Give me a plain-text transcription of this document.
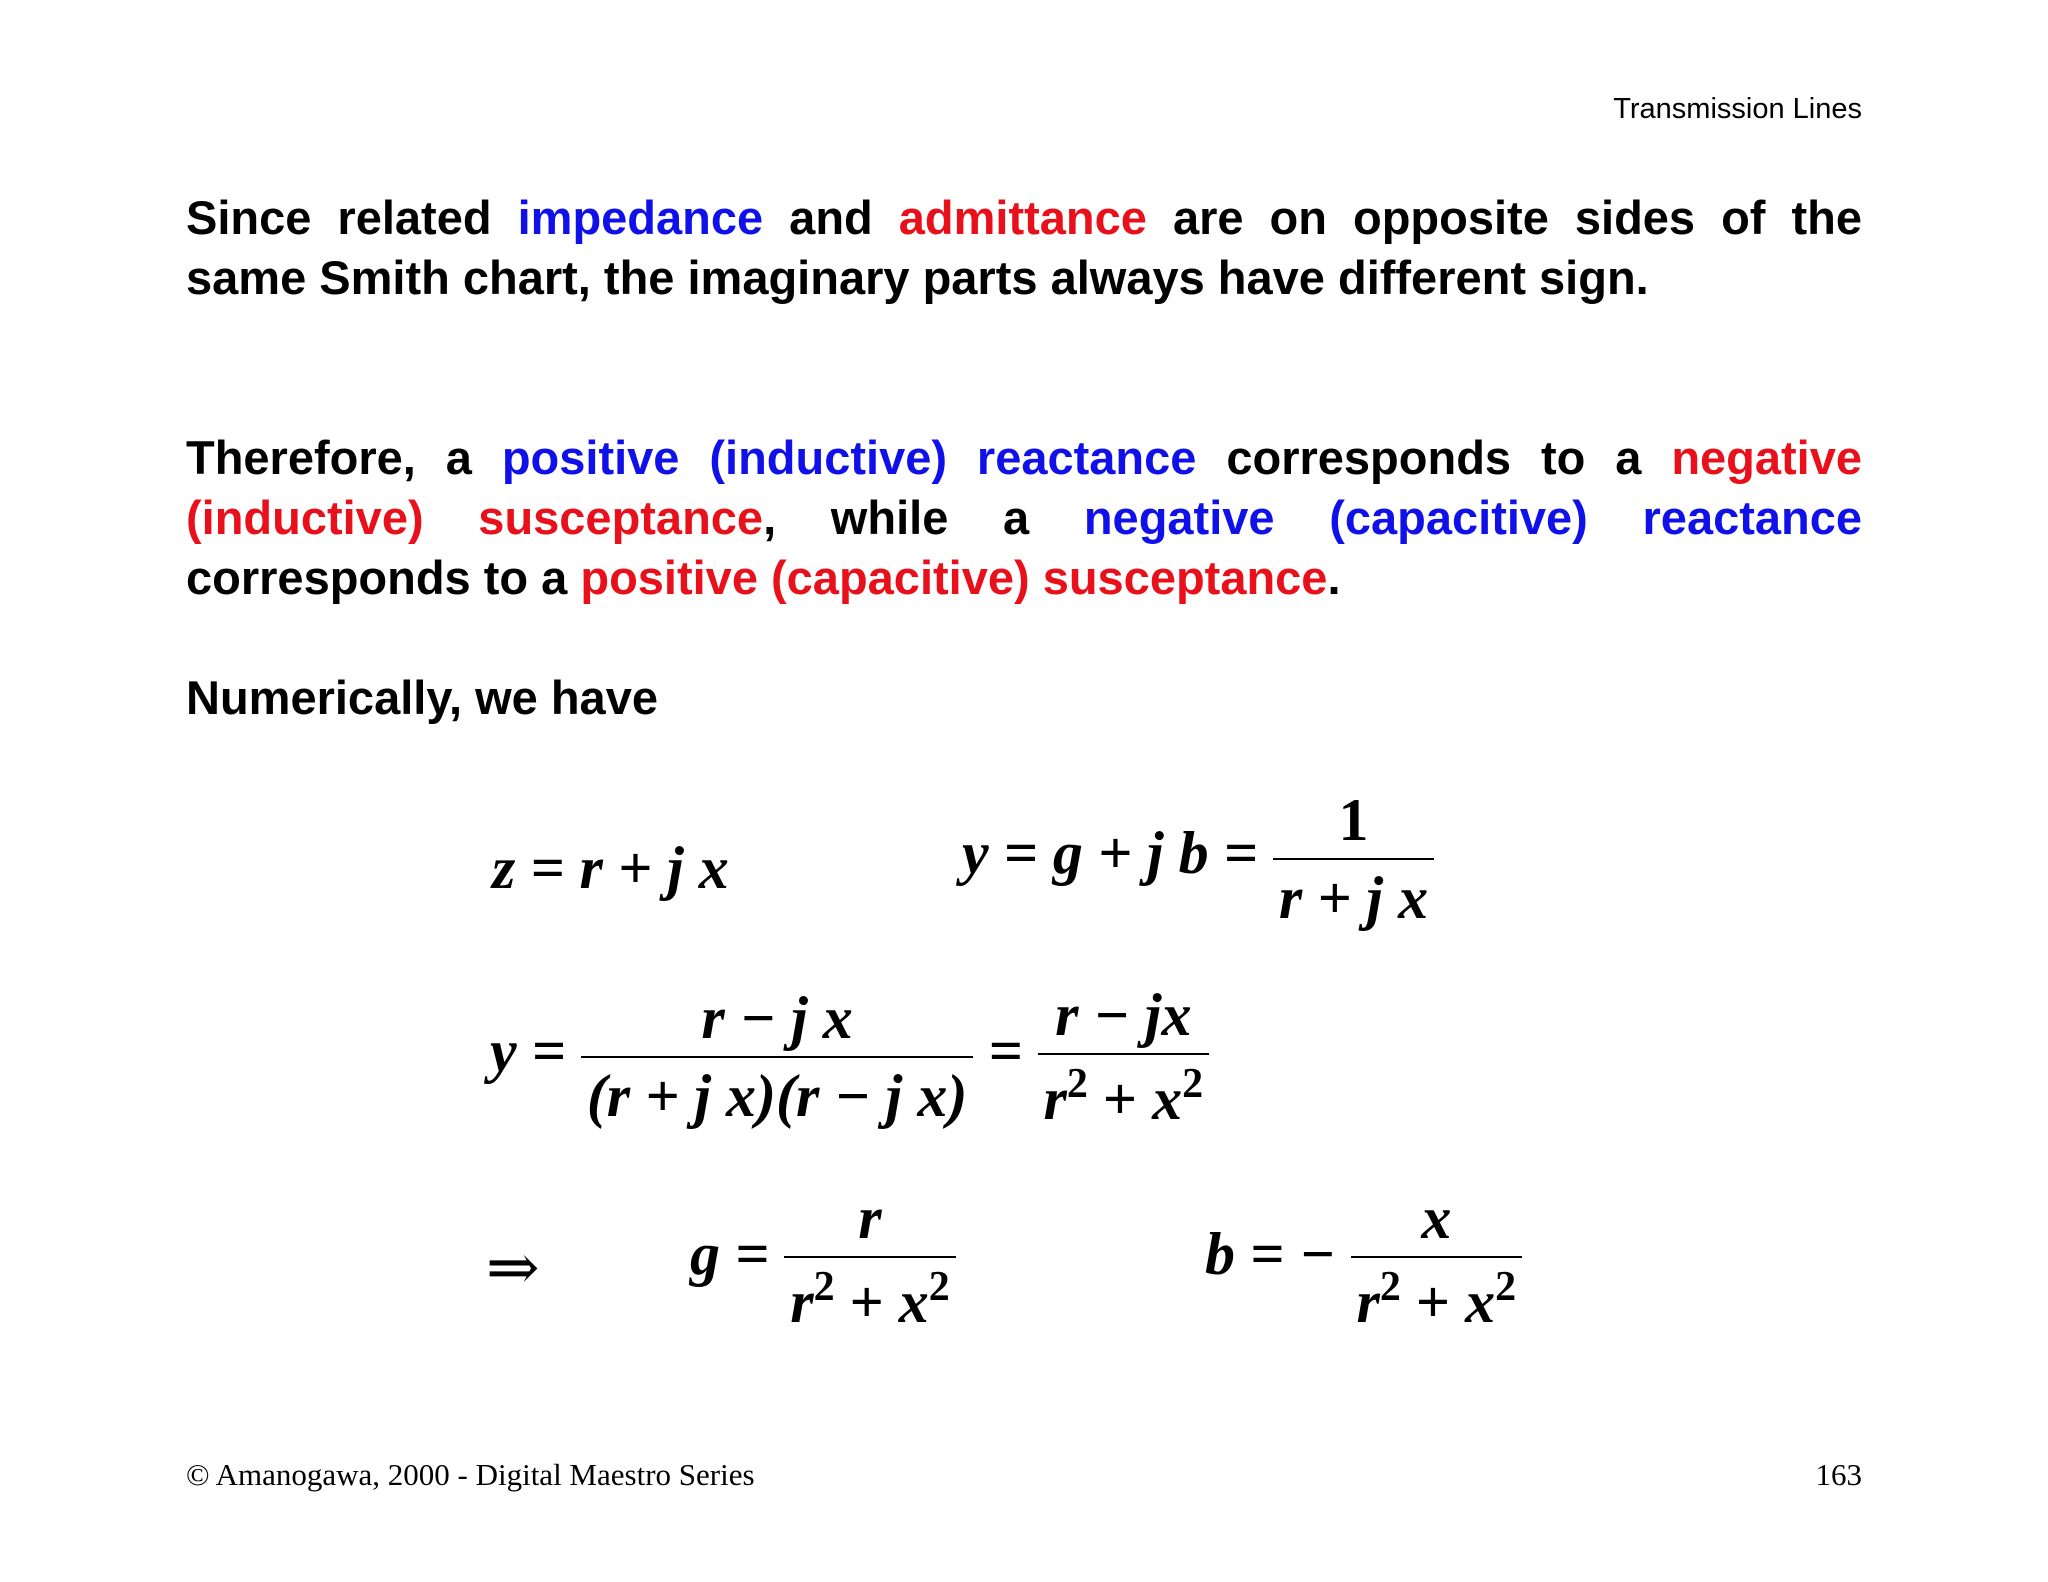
Transmission Lines

Since related impedance and admittance are on opposite sides of the same Smith chart, the imaginary parts always have different sign.

Therefore, a positive (inductive) reactance corresponds to a negative (inductive) susceptance, while a negative (capacitive) reactance corresponds to a positive (capacitive) susceptance.

Numerically, we have

z = r + j x	y = g + j $b = \frac{1}{\text{r + j x}}$
$y = \frac{\text{r − j x}}{\text{(r + j x)(r − j x)}} = \frac{r - jx}{r^2 + x^2}$
⇒	$g = \frac{r}{r^2 + x^2}$	b = − $\frac{x}{r^2 + x^2}$
© Amanogawa, 2000 - Digital Maestro Series	163
